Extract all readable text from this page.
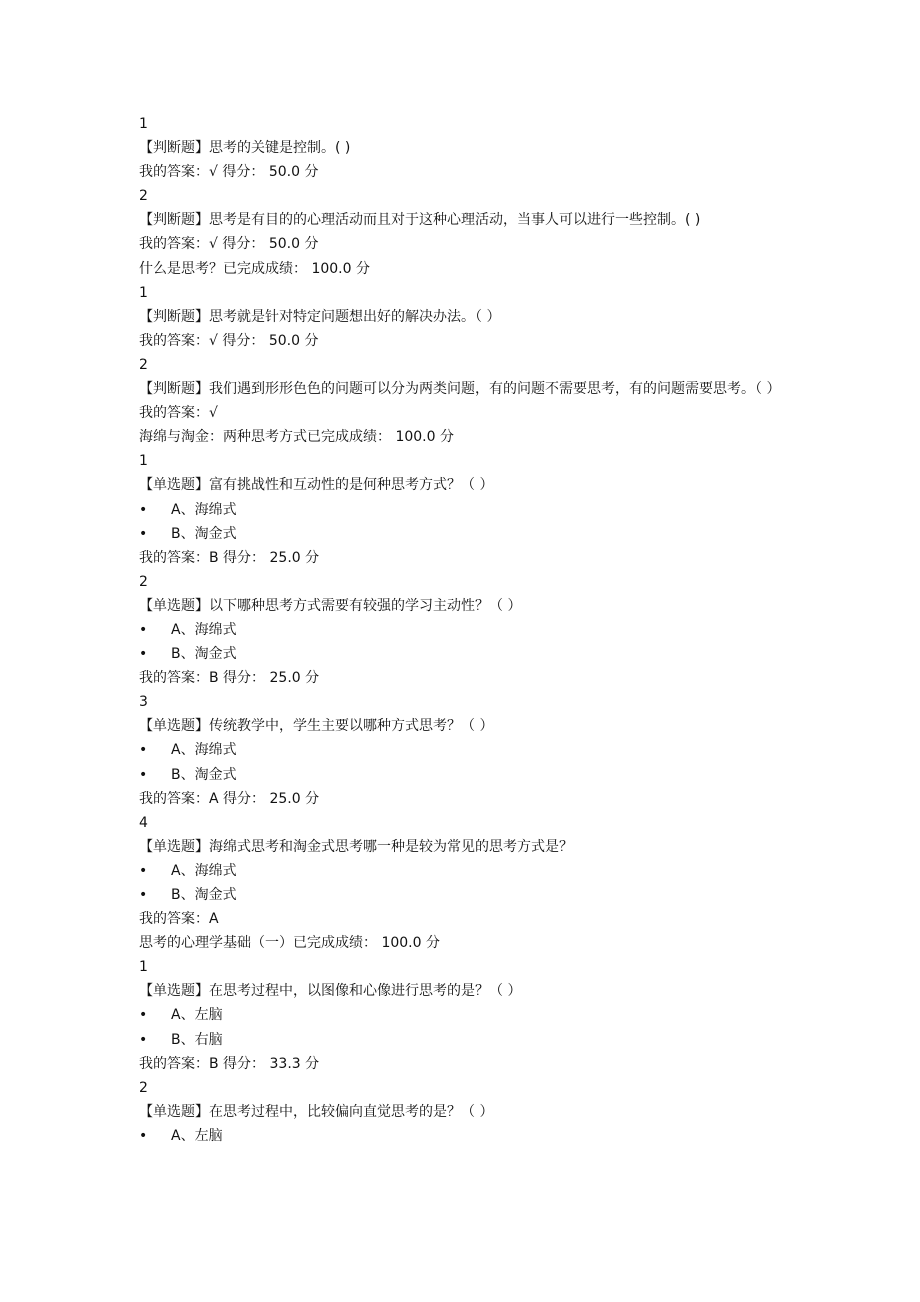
1
【判断题】思考的关键是控制。( )
我的答案：√ 得分： 50.0 分
2
【判断题】思考是有目的的心理活动而且对于这种心理活动，当事人可以进行一些控制。( )
我的答案：√ 得分： 50.0 分
什么是思考？已完成成绩： 100.0 分
1
【判断题】思考就是针对特定问题想出好的解决办法。（ ）
我的答案：√ 得分： 50.0 分
2
【判断题】我们遇到形形色色的问题可以分为两类问题，有的问题不需要思考，有的问题需要思考。（ ）
我的答案：√
海绵与淘金：两种思考方式已完成成绩： 100.0 分
1
【单选题】富有挑战性和互动性的是何种思考方式？（ ）
• A、海绵式
• B、淘金式
我的答案：B 得分： 25.0 分
2
【单选题】以下哪种思考方式需要有较强的学习主动性？（ ）
• A、海绵式
• B、淘金式
我的答案：B 得分： 25.0 分
3
【单选题】传统教学中，学生主要以哪种方式思考？（ ）
• A、海绵式
• B、淘金式
我的答案：A 得分： 25.0 分
4
【单选题】海绵式思考和淘金式思考哪一种是较为常见的思考方式是？
• A、海绵式
• B、淘金式
我的答案：A
思考的心理学基础（一）已完成成绩： 100.0 分
1
【单选题】在思考过程中，以图像和心像进行思考的是？（ ）
• A、左脑
• B、右脑
我的答案：B 得分： 33.3 分
2
【单选题】在思考过程中，比较偏向直觉思考的是？（ ）
• A、左脑
